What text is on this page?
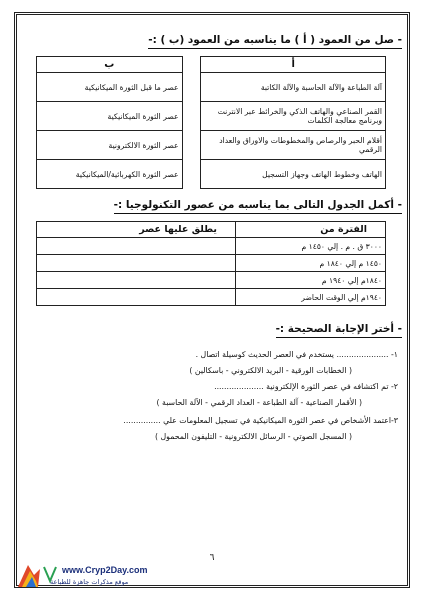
- صل من العمود ( أ ) ما يناسبه من العمود (ب ) :-
أ		ب
آلة الطباعة والآلة الحاسبة والآلة الكاتبة		عصر ما قبل الثورة الميكانيكية
القمر الصناعي والهاتف الذكي والخرائط عبر الانترنت وبرنامج معالجة الكلمات		عصر الثورة الميكانيكية
أقلام الحبر والرصاص والمخطوطات والاوراق والعداد الرقمي		عصر الثورة الالكترونية
الهاتف وخطوط الهاتف وجهاز التسجيل		عصر الثورة الكهربائية/الميكانيكية
- أكمل الجدول التالى بما يناسبه من عصور التكنولوجيا :-
الفترة من	يطلق عليها عصر
٣٠٠٠ ق . م . إلي ١٤٥٠ م	
١٤٥٠ م إلي ١٨٤٠ م	
١٨٤٠م إلي ١٩٤٠ م	
١٩٤٠م إلي الوقت الحاضر	
- أختر الإجابة الصحيحة :-
١- ..................... يستخدم في العصر الحديث كوسيلة اتصال .
( الخطابات الورقية - البريد الالكتروني - باسكالين )
٢- تم اكتشافه في عصر الثورة الإلكترونية ....................
( الأقمار الصناعية - آلة الطباعة - العداد الرقمي - الآلة الحاسبة )
٣-اعتمد الأشخاص في عصر الثورة الميكانيكية في تسجيل المعلومات علي ...............
( المسجل الصوتي - الرسائل الالكترونية - التليفون المحمول )
٦
www.Cryp2Day.com
موقع مذكرات جاهزة للطباعة
